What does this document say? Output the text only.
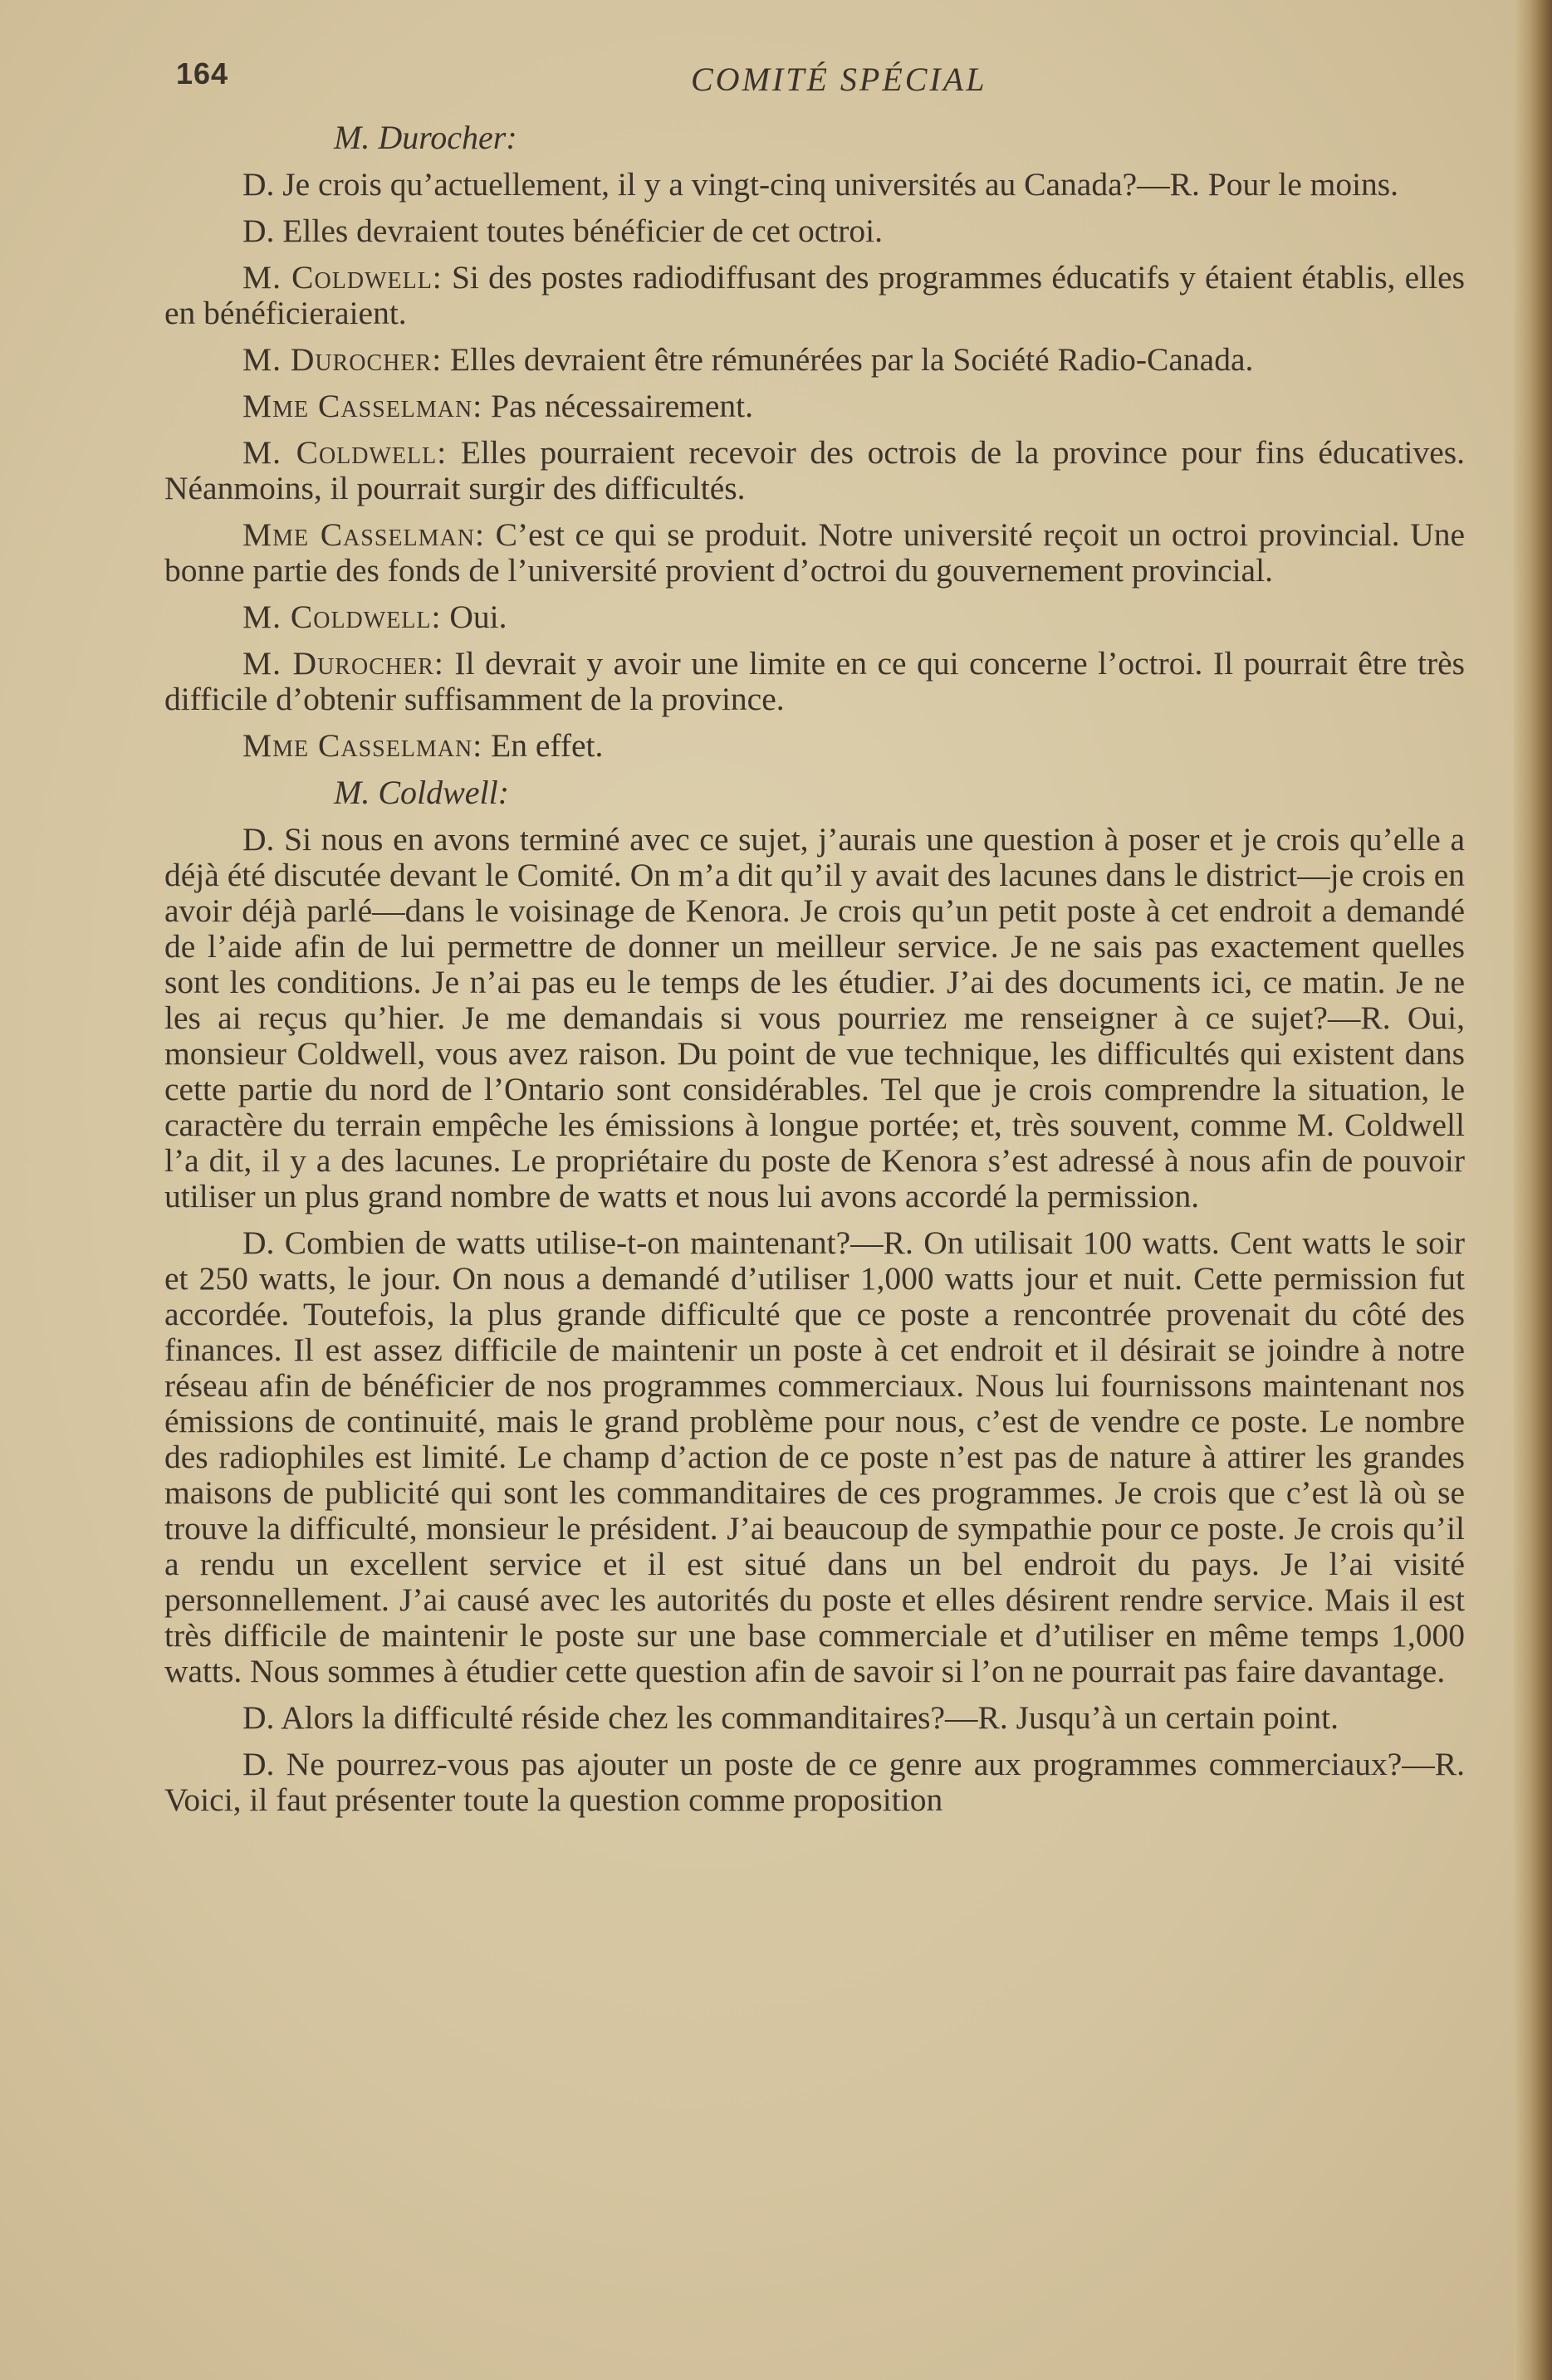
164	COMITÉ SPÉCIAL
M. Durocher:

D. Je crois qu’actuellement, il y a vingt-cinq universités au Canada?—R. Pour le moins.

D. Elles devraient toutes bénéficier de cet octroi.

M. Coldwell: Si des postes radiodiffusant des programmes éducatifs y étaient établis, elles en bénéficieraient.

M. Durocher: Elles devraient être rémunérées par la Société Radio-Canada.

Mme Casselman: Pas nécessairement.

M. Coldwell: Elles pourraient recevoir des octrois de la province pour fins éducatives. Néanmoins, il pourrait surgir des difficultés.

Mme Casselman: C’est ce qui se produit. Notre université reçoit un octroi provincial. Une bonne partie des fonds de l’université provient d’octroi du gouvernement provincial.

M. Coldwell: Oui.

M. Durocher: Il devrait y avoir une limite en ce qui concerne l’octroi. Il pourrait être très difficile d’obtenir suffisamment de la province.

Mme Casselman: En effet.

M. Coldwell:

D. Si nous en avons terminé avec ce sujet, j’aurais une question à poser et je crois qu’elle a déjà été discutée devant le Comité. On m’a dit qu’il y avait des lacunes dans le district—je crois en avoir déjà parlé—dans le voisinage de Kenora. Je crois qu’un petit poste à cet endroit a demandé de l’aide afin de lui permettre de donner un meilleur service. Je ne sais pas exactement quelles sont les conditions. Je n’ai pas eu le temps de les étudier. J’ai des documents ici, ce matin. Je ne les ai reçus qu’hier. Je me demandais si vous pourriez me renseigner à ce sujet?—R. Oui, monsieur Coldwell, vous avez raison. Du point de vue technique, les difficultés qui existent dans cette partie du nord de l’Ontario sont considérables. Tel que je crois comprendre la situation, le caractère du terrain empêche les émissions à longue portée; et, très souvent, comme M. Coldwell l’a dit, il y a des lacunes. Le propriétaire du poste de Kenora s’est adressé à nous afin de pouvoir utiliser un plus grand nombre de watts et nous lui avons accordé la permission.

D. Combien de watts utilise-t-on maintenant?—R. On utilisait 100 watts. Cent watts le soir et 250 watts, le jour. On nous a demandé d’utiliser 1,000 watts jour et nuit. Cette permission fut accordée. Toutefois, la plus grande difficulté que ce poste a rencontrée provenait du côté des finances. Il est assez difficile de maintenir un poste à cet endroit et il désirait se joindre à notre réseau afin de bénéficier de nos programmes commerciaux. Nous lui fournissons maintenant nos émissions de continuité, mais le grand problème pour nous, c’est de vendre ce poste. Le nombre des radiophiles est limité. Le champ d’action de ce poste n’est pas de nature à attirer les grandes maisons de publicité qui sont les commanditaires de ces programmes. Je crois que c’est là où se trouve la difficulté, monsieur le président. J’ai beaucoup de sympathie pour ce poste. Je crois qu’il a rendu un excellent service et il est situé dans un bel endroit du pays. Je l’ai visité personnellement. J’ai causé avec les autorités du poste et elles désirent rendre service. Mais il est très difficile de maintenir le poste sur une base commerciale et d’utiliser en même temps 1,000 watts. Nous sommes à étudier cette question afin de savoir si l’on ne pourrait pas faire davantage.

D. Alors la difficulté réside chez les commanditaires?—R. Jusqu’à un certain point.

D. Ne pourrez-vous pas ajouter un poste de ce genre aux programmes commerciaux?—R. Voici, il faut présenter toute la question comme proposition
